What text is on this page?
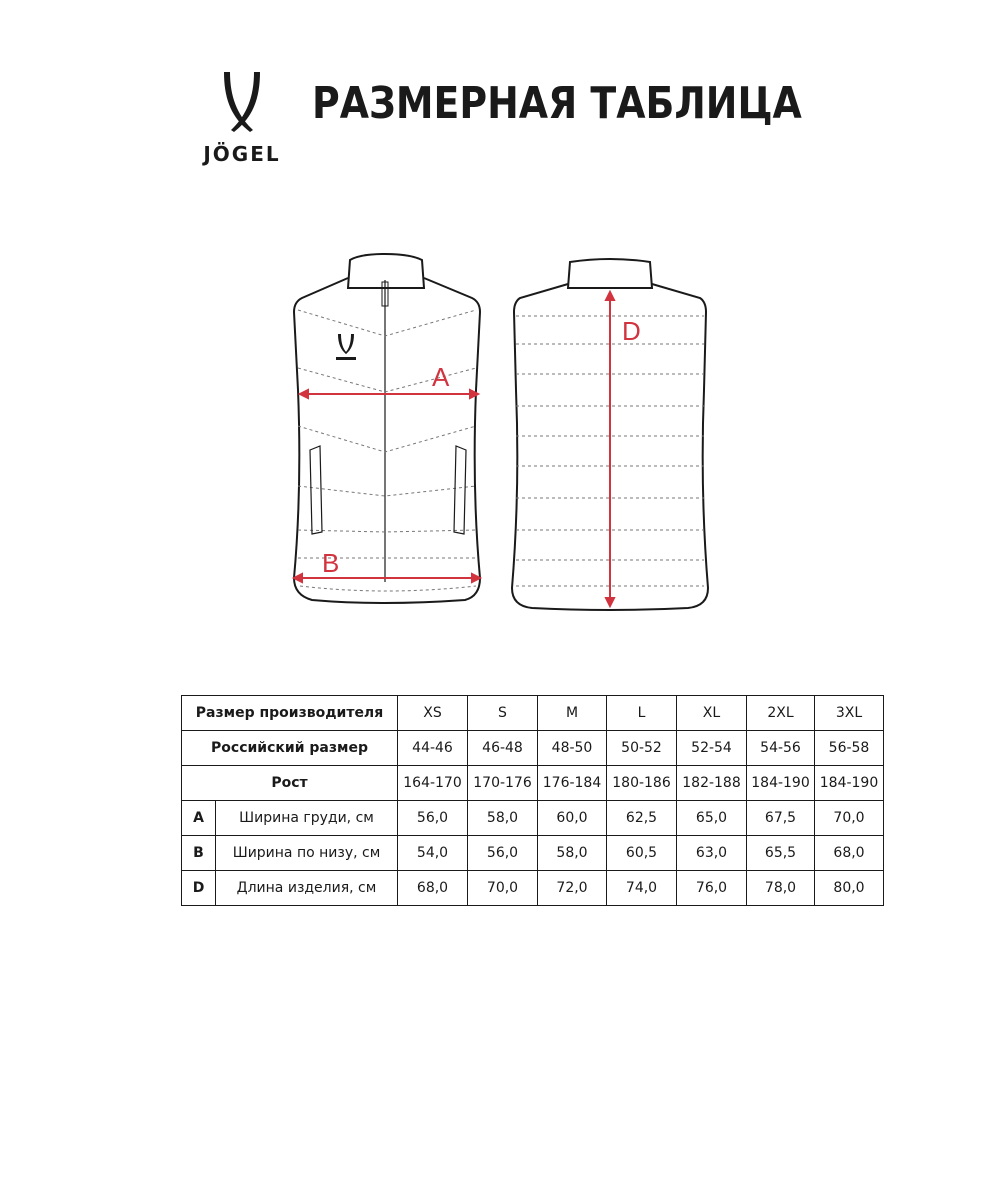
JÖGEL
РАЗМЕРНАЯ ТАБЛИЦА
A
B
D
Размер производителя		XS	S	M	L	XL	2XL	3XL
Российский размер		44-46	46-48	48-50	50-52	52-54	54-56	56-58
Рост		164-170	170-176	176-184	180-186	182-188	184-190	184-190
A	Ширина груди, см	56,0	58,0	60,0	62,5	65,0	67,5	70,0
B	Ширина по низу, см	54,0	56,0	58,0	60,5	63,0	65,5	68,0
D	Длина изделия, см	68,0	70,0	72,0	74,0	76,0	78,0	80,0
